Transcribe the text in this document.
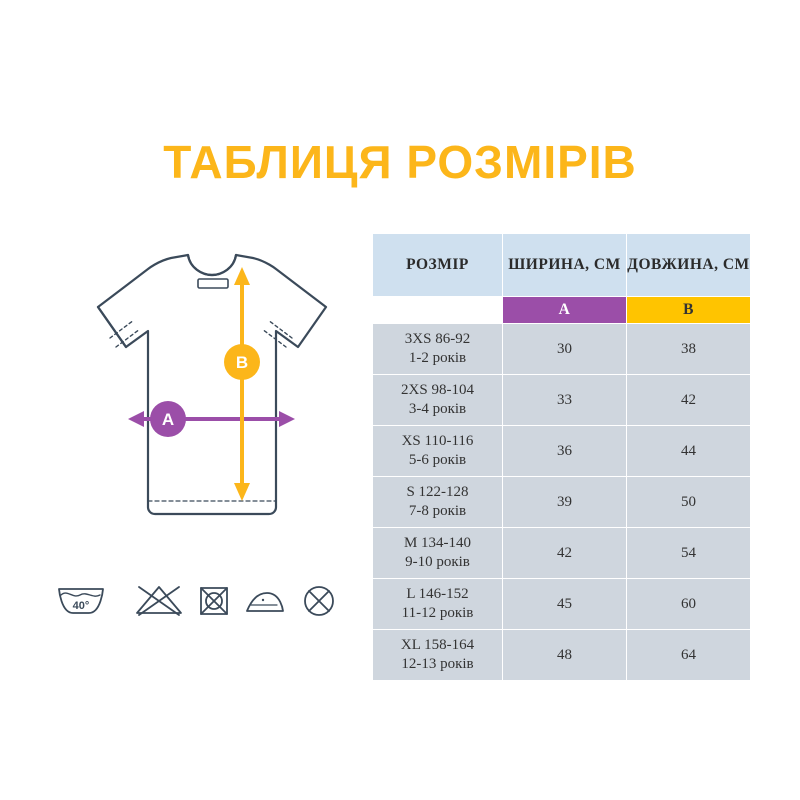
ТАБЛИЦЯ РОЗМІРІВ
A
B
40°
РОЗМІР	ШИРИНА, СМ	ДОВЖИНА, СМ
	A	B

3XS 86-92
1-2 років	30	38

2XS 98-104
3-4 років	33	42

XS 110-116
5-6 років	36	44

S 122-128
7-8 років	39	50

M 134-140
9-10 років	42	54

L 146-152
11-12 років	45	60

XL 158-164
12-13 років	48	64
